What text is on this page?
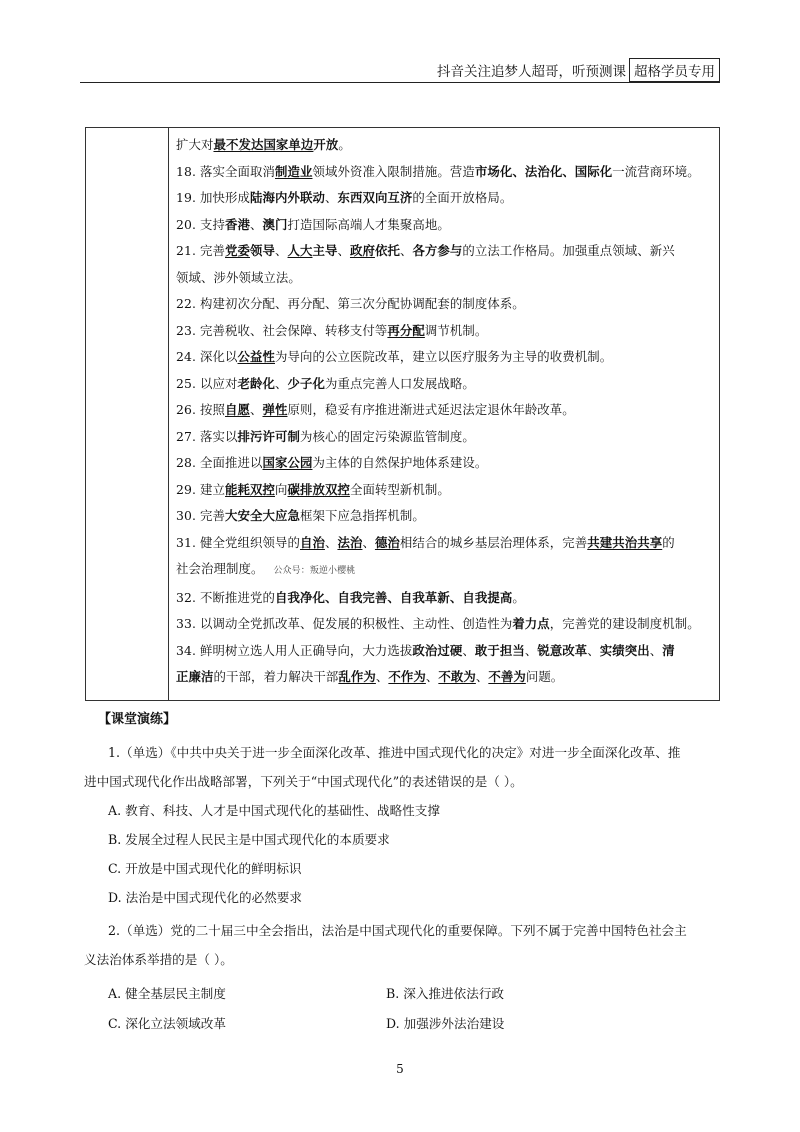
抖音关注追梦人超哥，听预测课 超格学员专用
扩大对最不发达国家单边开放。
18. 落实全面取消制造业领域外资准入限制措施。营造市场化、法治化、国际化一流营商环境。
19. 加快形成陆海内外联动、东西双向互济的全面开放格局。
20. 支持香港、澳门打造国际高端人才集聚高地。
21. 完善党委领导、人大主导、政府依托、各方参与的立法工作格局。加强重点领域、新兴
领域、涉外领域立法。
22. 构建初次分配、再分配、第三次分配协调配套的制度体系。
23. 完善税收、社会保障、转移支付等再分配调节机制。
24. 深化以公益性为导向的公立医院改革，建立以医疗服务为主导的收费机制。
25. 以应对老龄化、少子化为重点完善人口发展战略。
26. 按照自愿、弹性原则，稳妥有序推进渐进式延迟法定退休年龄改革。
27. 落实以排污许可制为核心的固定污染源监管制度。
28. 全面推进以国家公园为主体的自然保护地体系建设。
29. 建立能耗双控向碳排放双控全面转型新机制。
30. 完善大安全大应急框架下应急指挥机制。
31. 健全党组织领导的自治、法治、德治相结合的城乡基层治理体系，完善共建共治共享的
社会治理制度。 公众号：叛逆小樱桃
32. 不断推进党的自我净化、自我完善、自我革新、自我提高。
33. 以调动全党抓改革、促发展的积极性、主动性、创造性为着力点，完善党的建设制度机制。
34. 鲜明树立选人用人正确导向，大力选拔政治过硬、敢于担当、锐意改革、实绩突出、清
正廉洁的干部，着力解决干部乱作为、不作为、不敢为、不善为问题。
【课堂演练】
1.（单选）《中共中央关于进一步全面深化改革、推进中国式现代化的决定》对进一步全面深化改革、推
进中国式现代化作出战略部署，下列关于“中国式现代化”的表述错误的是（ ）。
A. 教育、科技、人才是中国式现代化的基础性、战略性支撑
B. 发展全过程人民民主是中国式现代化的本质要求
C. 开放是中国式现代化的鲜明标识
D. 法治是中国式现代化的必然要求
2.（单选）党的二十届三中全会指出，法治是中国式现代化的重要保障。下列不属于完善中国特色社会主
义法治体系举措的是（ ）。
A. 健全基层民主制度	B. 深入推进依法行政
C. 深化立法领域改革	D. 加强涉外法治建设
5
